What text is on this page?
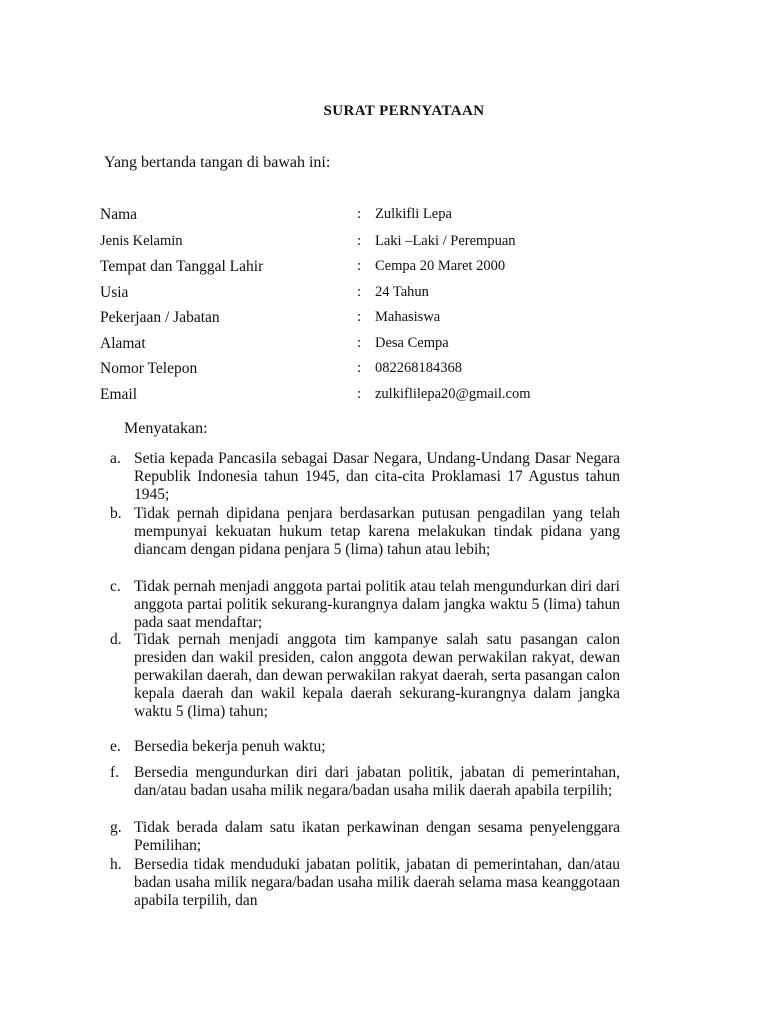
SURAT PERNYATAAN
Yang bertanda tangan di bawah ini:
Nama	: Zulkifli Lepa
Jenis Kelamin	: Laki –Laki / Perempuan
Tempat dan Tanggal Lahir	: Cempa 20 Maret 2000
Usia	: 24 Tahun
Pekerjaan / Jabatan	: Mahasiswa
Alamat	: Desa Cempa
Nomor Telepon	: 082268184368
Email	: zulkiflilepa20@gmail.com
Menyatakan:
a. Setia kepada Pancasila sebagai Dasar Negara, Undang-Undang Dasar Negara Republik Indonesia tahun 1945, dan cita-cita Proklamasi 17 Agustus tahun 1945;
b. Tidak pernah dipidana penjara berdasarkan putusan pengadilan yang telah mempunyai kekuatan hukum tetap karena melakukan tindak pidana yang diancam dengan pidana penjara 5 (lima) tahun atau lebih;
c. Tidak pernah menjadi anggota partai politik atau telah mengundurkan diri dari anggota partai politik sekurang-kurangnya dalam jangka waktu 5 (lima) tahun pada saat mendaftar;
d. Tidak pernah menjadi anggota tim kampanye salah satu pasangan calon presiden dan wakil presiden, calon anggota dewan perwakilan rakyat, dewan perwakilan daerah, dan dewan perwakilan rakyat daerah, serta pasangan calon kepala daerah dan wakil kepala daerah sekurang-kurangnya dalam jangka waktu 5 (lima) tahun;
e. Bersedia bekerja penuh waktu;
f. Bersedia mengundurkan diri dari jabatan politik, jabatan di pemerintahan, dan/atau badan usaha milik negara/badan usaha milik daerah apabila terpilih;
g. Tidak berada dalam satu ikatan perkawinan dengan sesama penyelenggara Pemilihan;
h. Bersedia tidak menduduki jabatan politik, jabatan di pemerintahan, dan/atau badan usaha milik negara/badan usaha milik daerah selama masa keanggotaan apabila terpilih, dan
